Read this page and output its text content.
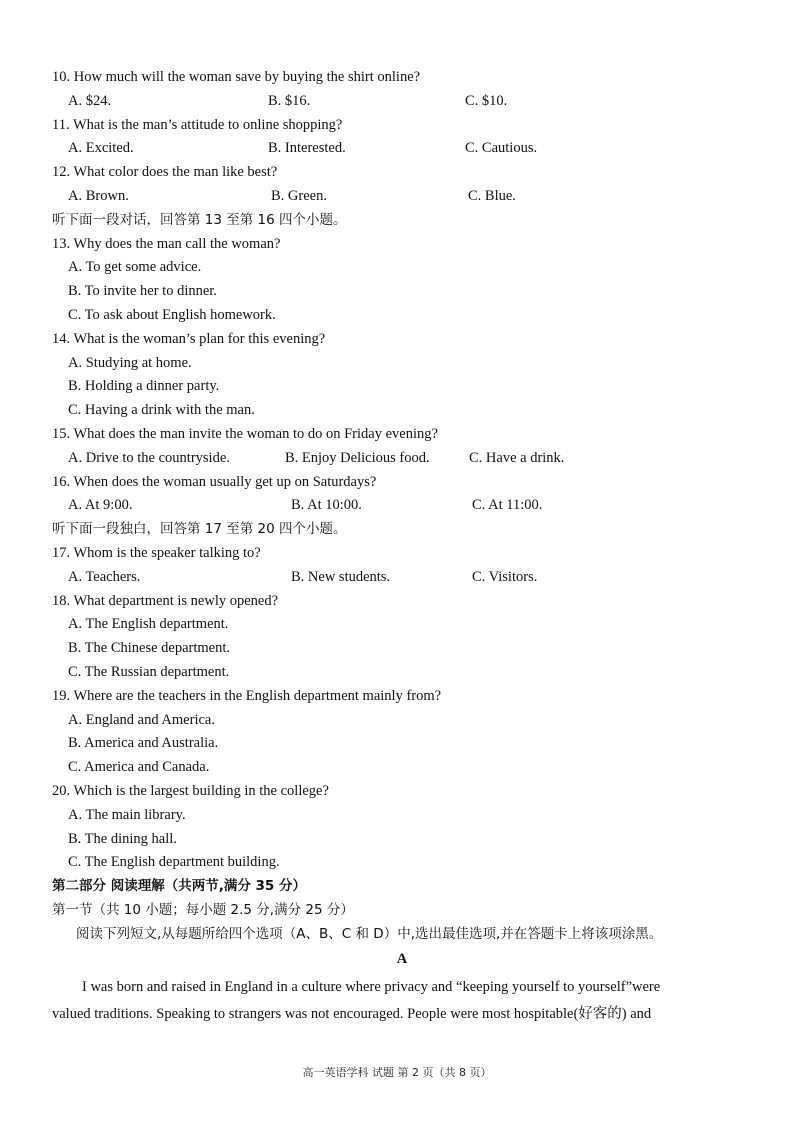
10. How much will the woman save by buying the shirt online?
A. $24.	B. $16.	C. $10.
11. What is the man’s attitude to online shopping?
A. Excited.	B. Interested.	C. Cautious.
12. What color does the man like best?
A. Brown.	B. Green.	C. Blue.
听下面一段对话，回答第 13 至第 16 四个小题。
13. Why does the man call the woman?
A. To get some advice.
B. To invite her to dinner.
C. To ask about English homework.
14. What is the woman’s plan for this evening?
A. Studying at home.
B. Holding a dinner party.
C. Having a drink with the man.
15. What does the man invite the woman to do on Friday evening?
A. Drive to the countryside.	B. Enjoy Delicious food.	C. Have a drink.
16. When does the woman usually get up on Saturdays?
A. At 9:00.	B. At 10:00.	C. At 11:00.
听下面一段独白，回答第 17 至第 20 四个小题。
17. Whom is the speaker talking to?
A. Teachers.	B. New students.	C. Visitors.
18. What department is newly opened?
A. The English department.
B. The Chinese department.
C. The Russian department.
19. Where are the teachers in the English department mainly from?
A. England and America.
B. America and Australia.
C. America and Canada.
20. Which is the largest building in the college?
A. The main library.
B. The dining hall.
C. The English department building.
第二部分 阅读理解（共两节,满分 35 分）
第一节（共 10 小题；每小题 2.5 分,满分 25 分）
阅读下列短文,从每题所给四个选项（A、B、C 和 D）中,选出最佳选项,并在答题卡上将该项涂黑。
A
I was born and raised in England in a culture where privacy and “keeping yourself to yourself”were
valued traditions. Speaking to strangers was not encouraged. People were most hospitable(好客的) and
高一英语学科 试题 第 2 页（共 8 页）
